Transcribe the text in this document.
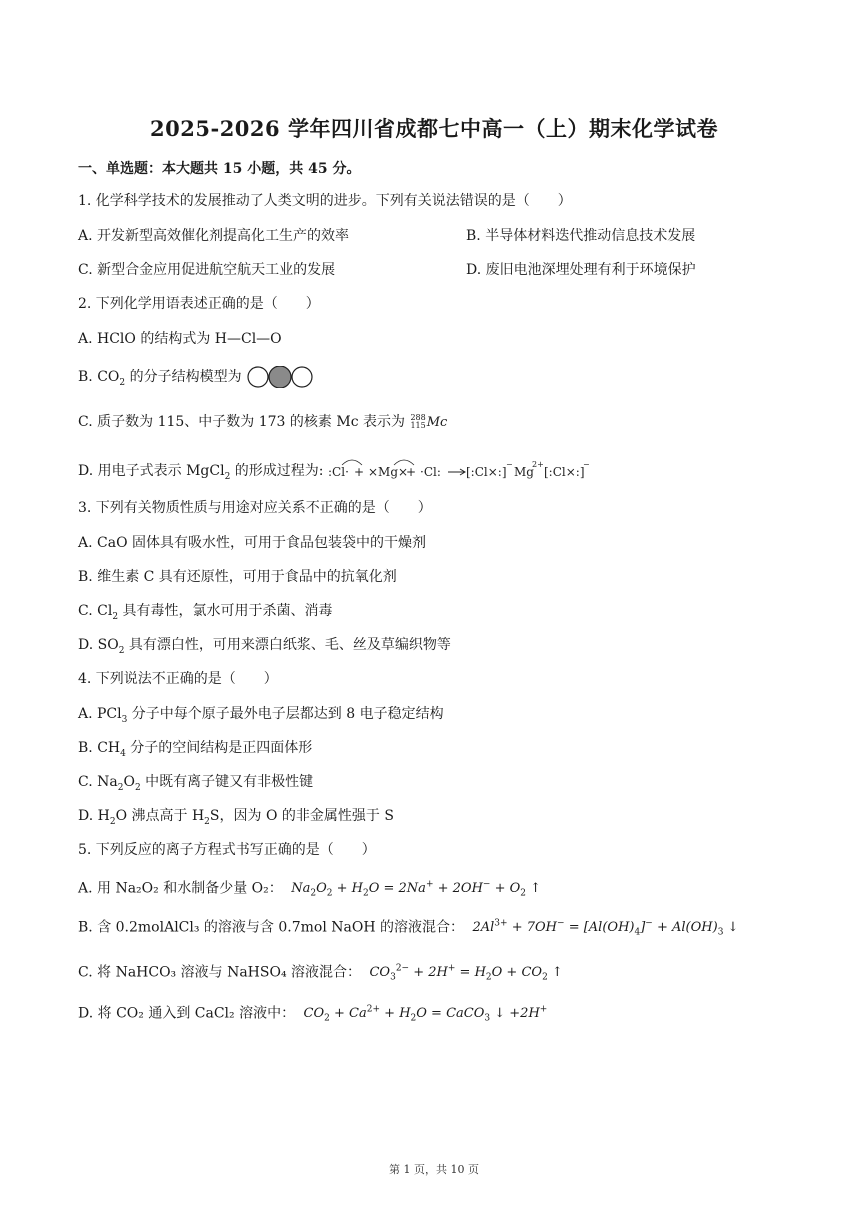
2025-2026 学年四川省成都七中高一（上）期末化学试卷
一、单选题：本大题共 15 小题，共 45 分。
1. 化学科学技术的发展推动了人类文明的进步。下列有关说法错误的是（　　）
A. 开发新型高效催化剂提高化工生产的效率	B. 半导体材料迭代推动信息技术发展
C. 新型合金应用促进航空航天工业的发展	D. 废旧电池深埋处理有利于环境保护
2. 下列化学用语表述正确的是（　　）
A. HClO 的结构式为 H—Cl—O
B. $CO_2$ 的分子结构模型为
C. 质子数为 115、中子数为 173 的核素 Mc 表示为 288
115 Mc
D. 用电子式表示 MgCl$_2$ 的形成过程为: :Cl· + ×Mg×
+ ·Cl: [:Cl×:]
−
Mg
2+
[:Cl×:]
−
3. 下列有关物质性质与用途对应关系不正确的是（　　）
A. CaO 固体具有吸水性，可用于食品包装袋中的干燥剂
B. 维生素 C 具有还原性，可用于食品中的抗氧化剂
C. $Cl_2$ 具有毒性，氯水可用于杀菌、消毒
D. $SO_2$ 具有漂白性，可用来漂白纸浆、毛、丝及草编织物等
4. 下列说法不正确的是（　　）
A. PCl$_3$ 分子中每个原子最外电子层都达到 8 电子稳定结构
B. $CH_4$ 分子的空间结构是正四面体形
C. $Na_2O_2$ 中既有离子键又有非极性键
D. $H_2O$ 沸点高于 $H_2S$，因为 O 的非金属性强于 S
5. 下列反应的离子方程式书写正确的是（　　）
A. 用 Na₂O₂ 和水制备少量 O₂： $Na_2O_2 + H_2O = 2Na^+ + 2OH^- + O_2$ ↑
B. 含 0.2molAlCl₃ 的溶液与含 0.7mol NaOH 的溶液混合： $2Al^{3+} + 7OH^- = [Al(OH)_4]^- + Al(OH)_3$ ↓
C. 将 NaHCO₃ 溶液与 NaHSO₄ 溶液混合： $CO_3^{2-} + 2H^+ = H_2O + CO_2$ ↑
D. 将 CO₂ 通入到 CaCl₂ 溶液中： $CO_2 + Ca^{2+} + H_2O$ = CaCO$_3$ ↓ +2H+
第 1 页，共 10 页
